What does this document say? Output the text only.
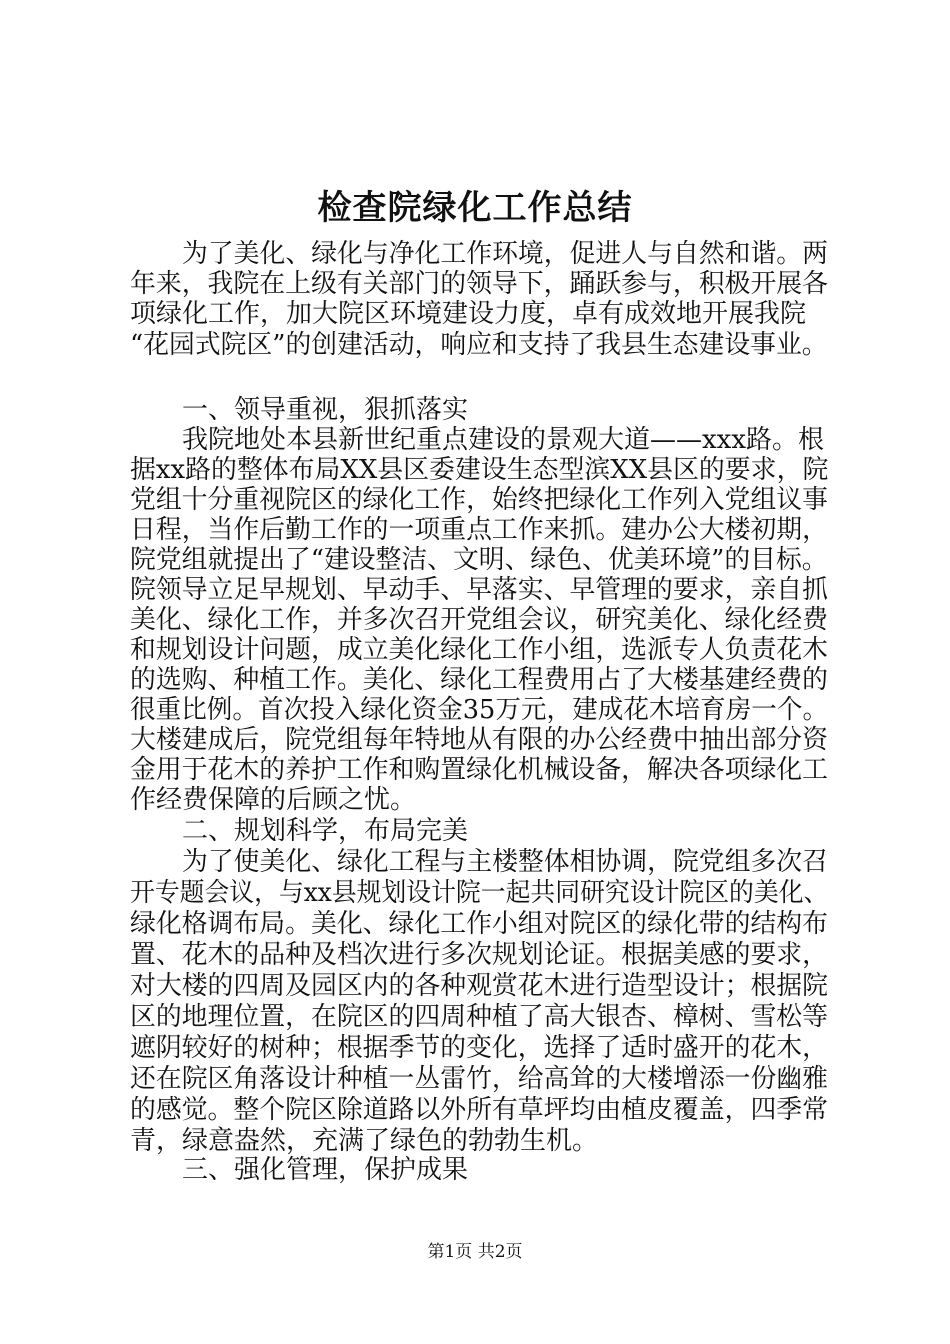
检查院绿化工作总结
为了美化、绿化与净化工作环境，促进人与自然和谐。两
年来，我院在上级有关部门的领导下，踊跃参与，积极开展各
项绿化工作，加大院区环境建设力度，卓有成效地开展我院
“花园式院区”的创建活动，响应和支持了我县生态建设事业。
一、领导重视，狠抓落实
我院地处本县新世纪重点建设的景观大道——xxx路。根
据xx路的整体布局XX县区委建设生态型滨XX县区的要求，院
党组十分重视院区的绿化工作，始终把绿化工作列入党组议事
日程，当作后勤工作的一项重点工作来抓。建办公大楼初期，
院党组就提出了“建设整洁、文明、绿色、优美环境”的目标。
院领导立足早规划、早动手、早落实、早管理的要求，亲自抓
美化、绿化工作，并多次召开党组会议，研究美化、绿化经费
和规划设计问题，成立美化绿化工作小组，选派专人负责花木
的选购、种植工作。美化、绿化工程费用占了大楼基建经费的
很重比例。首次投入绿化资金35万元，建成花木培育房一个。
大楼建成后，院党组每年特地从有限的办公经费中抽出部分资
金用于花木的养护工作和购置绿化机械设备，解决各项绿化工
作经费保障的后顾之忧。
二、规划科学，布局完美
为了使美化、绿化工程与主楼整体相协调，院党组多次召
开专题会议，与xx县规划设计院一起共同研究设计院区的美化、
绿化格调布局。美化、绿化工作小组对院区的绿化带的结构布
置、花木的品种及档次进行多次规划论证。根据美感的要求，
对大楼的四周及园区内的各种观赏花木进行造型设计；根据院
区的地理位置，在院区的四周种植了高大银杏、樟树、雪松等
遮阴较好的树种；根据季节的变化，选择了适时盛开的花木，
还在院区角落设计种植一丛雷竹，给高耸的大楼增添一份幽雅
的感觉。整个院区除道路以外所有草坪均由植皮覆盖，四季常
青，绿意盎然，充满了绿色的勃勃生机。
三、强化管理，保护成果
第1页 共2页
